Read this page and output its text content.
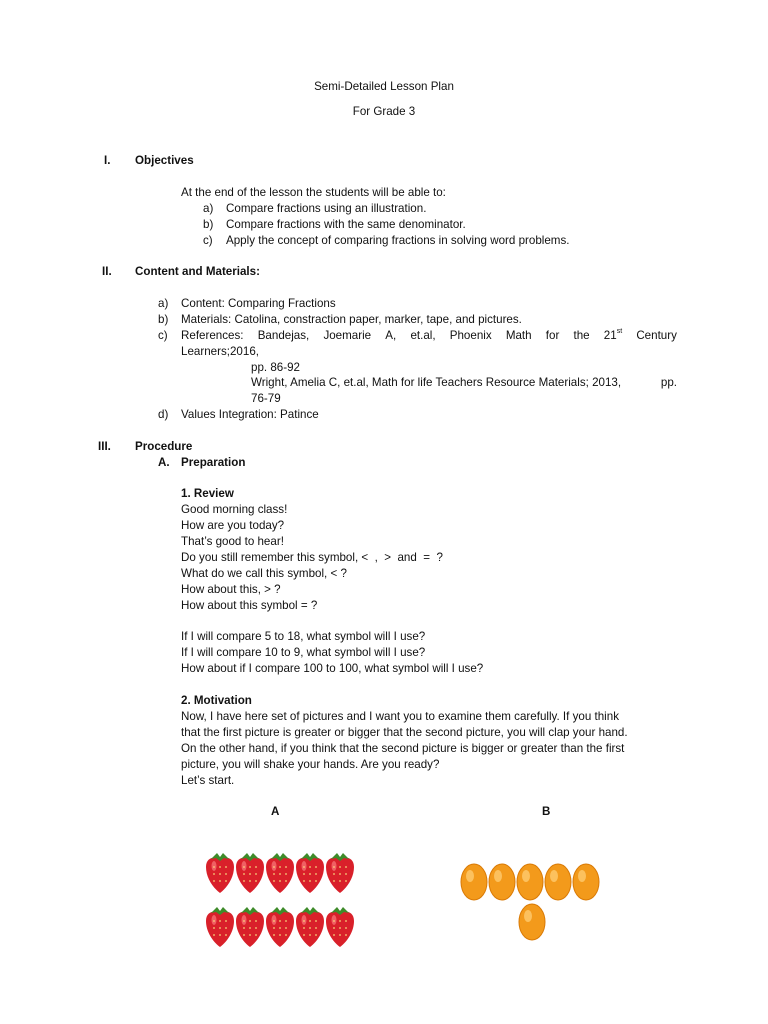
Semi-Detailed Lesson Plan
For Grade 3
I. Objectives
At the end of the lesson the students will be able to:
a) Compare fractions using an illustration.
b) Compare fractions with the same denominator.
c) Apply the concept of comparing fractions in solving word problems.
II. Content and Materials:
a) Content: Comparing Fractions
b) Materials: Catolina, constraction paper, marker, tape, and pictures.
c) References: Bandejas, Joemarie A, et.al, Phoenix Math for the 21st Century
Learners;2016,
pp. 86-92
Wright, Amelia C, et.al, Math for life Teachers Resource Materials; 2013,	pp.
76-79
d) Values Integration: Patince
III. Procedure
A. Preparation
1. Review
Good morning class!
How are you today?
That’s good to hear!
Do you still remember this symbol, <  ,  >  and  =  ?
What do we call this symbol, < ?
How about this, > ?
How about this symbol = ?
If I will compare 5 to 18, what symbol will I use?
If I will compare 10 to 9, what symbol will I use?
How about if I compare 100 to 100, what symbol will I use?
2. Motivation
Now, I have here set of pictures and I want you to examine them carefully. If you think
that the first picture is greater or bigger that the second picture, you will clap your hand.
On the other hand, if you think that the second picture is bigger or greater than the first
picture, you will shake your hands. Are you ready?
Let’s start.
A	B
